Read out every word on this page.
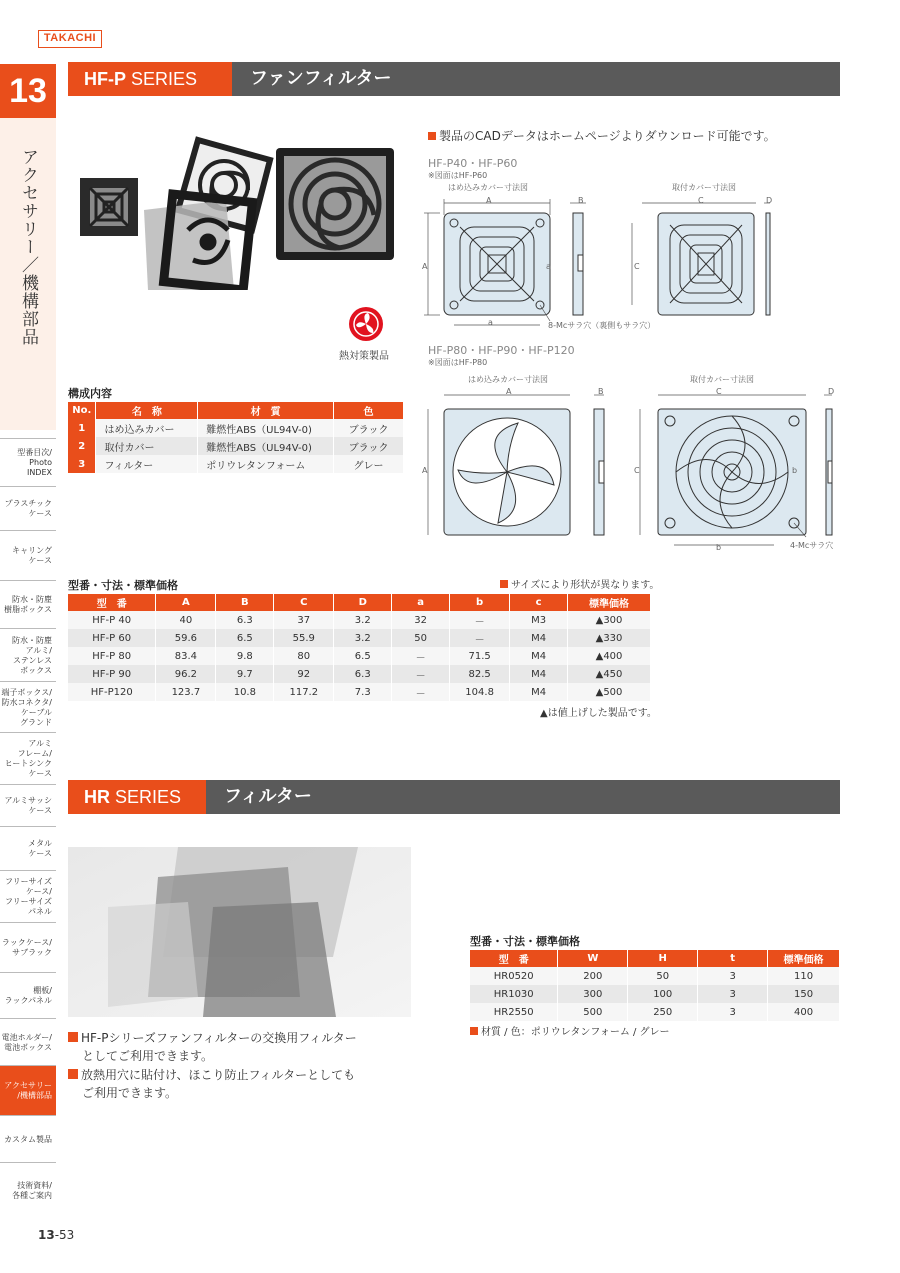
TAKACHI
13
アクセサリー／機構部品
型番目次/
Photo
INDEX
プラスチック
ケース
キャリング
ケース
防水・防塵
樹脂ボックス
防水・防塵
アルミ/
ステンレス
ボックス
端子ボックス/
防水コネクタ/
ケーブル
グランド
アルミ
フレーム/
ヒートシンク
ケース
アルミサッシ
ケース
メタル
ケース
フリーサイズ
ケース/
フリーサイズ
パネル
ラックケース/
サブラック
棚板/
ラックパネル
電池ホルダー/
電池ボックス
アクセサリー
/機構部品
カスタム製品
技術資料/
各種ご案内
13-53
HF-P SERIES	ファンフィルター
熱対策製品
製品のCADデータはホームページよりダウンロード可能です。
HF-P40・HF-P60
※図面はHF-P60
はめ込みカバー寸法図	取付カバー寸法図
A	B	C	D
A	a	C
a	8-Mcサラ穴（裏側もサラ穴）
HF-P80・HF-P90・HF-P120
※図面はHF-P80
はめ込みカバー寸法図	取付カバー寸法図
A	B	C	D
A	C	b
b	4-Mcサラ穴
構成内容
No.	名　称	材　質	色
1	はめ込みカバー	難燃性ABS（UL94V-0)	ブラック
2	取付カバー	難燃性ABS（UL94V-0)	ブラック
3	フィルター	ポリウレタンフォーム	グレー
型番・寸法・標準価格	サイズにより形状が異なります。
型　番	A	B	C	D	a	b	c	標準価格
HF-P 40	40	6.3	37	3.2	32	－	M3	▲300
HF-P 60	59.6	6.5	55.9	3.2	50	－	M4	▲330
HF-P 80	83.4	9.8	80	6.5	－	71.5	M4	▲400
HF-P 90	96.2	9.7	92	6.3	－	82.5	M4	▲450
HF-P120	123.7	10.8	117.2	7.3	－	104.8	M4	▲500
▲は値上げした製品です。
HR SERIES	フィルター
HF-Pシリーズファンフィルターの交換用フィルター
としてご利用できます。
放熱用穴に貼付け、ほこり防止フィルターとしても
ご利用できます。
型番・寸法・標準価格
型　番	W	H	t	標準価格
HR0520	200	50	3	110
HR1030	300	100	3	150
HR2550	500	250	3	400
材質 / 色：ポリウレタンフォーム / グレー
